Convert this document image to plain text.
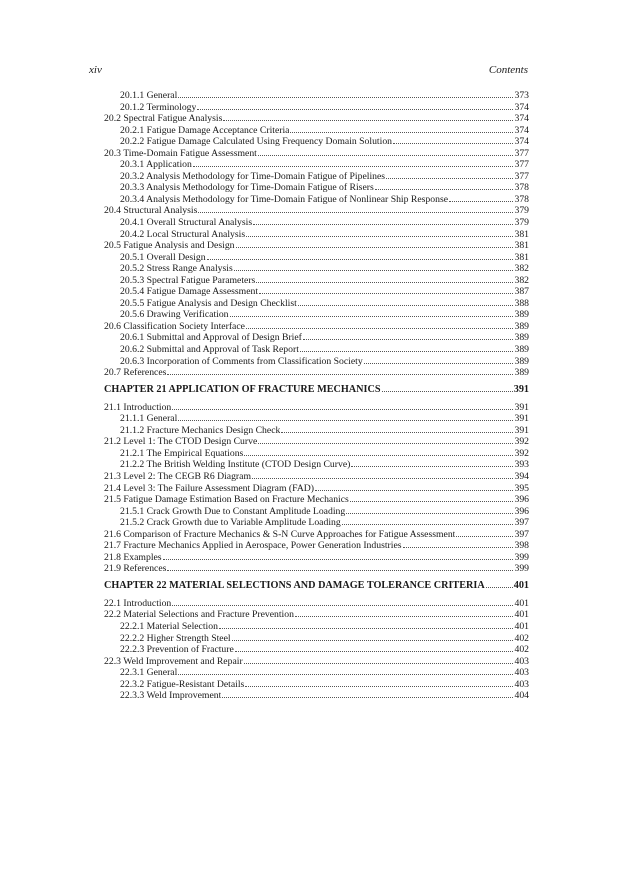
xiv	Contents
20.1.1 General	373
20.1.2 Terminology	374
20.2 Spectral Fatigue Analysis	374
20.2.1 Fatigue Damage Acceptance Criteria	374
20.2.2 Fatigue Damage Calculated Using Frequency Domain Solution	374
20.3 Time-Domain Fatigue Assessment	377
20.3.1 Application	377
20.3.2 Analysis Methodology for Time-Domain Fatigue of Pipelines	377
20.3.3 Analysis Methodology for Time-Domain Fatigue of Risers	378
20.3.4 Analysis Methodology for Time-Domain Fatigue of Nonlinear Ship Response	378
20.4 Structural Analysis	379
20.4.1 Overall Structural Analysis	379
20.4.2 Local Structural Analysis	381
20.5 Fatigue Analysis and Design	381
20.5.1 Overall Design	381
20.5.2 Stress Range Analysis	382
20.5.3 Spectral Fatigue Parameters	382
20.5.4 Fatigue Damage Assessment	387
20.5.5 Fatigue Analysis and Design Checklist	388
20.5.6 Drawing Verification	389
20.6 Classification Society Interface	389
20.6.1 Submittal and Approval of Design Brief	389
20.6.2 Submittal and Approval of Task Report	389
20.6.3 Incorporation of Comments from Classification Society	389
20.7 References	389
CHAPTER 21 APPLICATION OF FRACTURE MECHANICS	391
21.1 Introduction	391
21.1.1 General	391
21.1.2 Fracture Mechanics Design Check	391
21.2 Level 1: The CTOD Design Curve	392
21.2.1 The Empirical Equations	392
21.2.2 The British Welding Institute (CTOD Design Curve)	393
21.3 Level 2: The CEGB R6 Diagram	394
21.4 Level 3: The Failure Assessment Diagram (FAD)	395
21.5 Fatigue Damage Estimation Based on Fracture Mechanics	396
21.5.1 Crack Growth Due to Constant Amplitude Loading	396
21.5.2 Crack Growth due to Variable Amplitude Loading	397
21.6 Comparison of Fracture Mechanics & S-N Curve Approaches for Fatigue Assessment	397
21.7 Fracture Mechanics Applied in Aerospace, Power Generation Industries	398
21.8 Examples	399
21.9 References	399
CHAPTER 22 MATERIAL SELECTIONS AND DAMAGE TOLERANCE CRITERIA	401
22.1 Introduction	401
22.2 Material Selections and Fracture Prevention	401
22.2.1 Material Selection	401
22.2.2 Higher Strength Steel	402
22.2.3 Prevention of Fracture	402
22.3 Weld Improvement and Repair	403
22.3.1 General	403
22.3.2 Fatigue-Resistant Details	403
22.3.3 Weld Improvement	404
